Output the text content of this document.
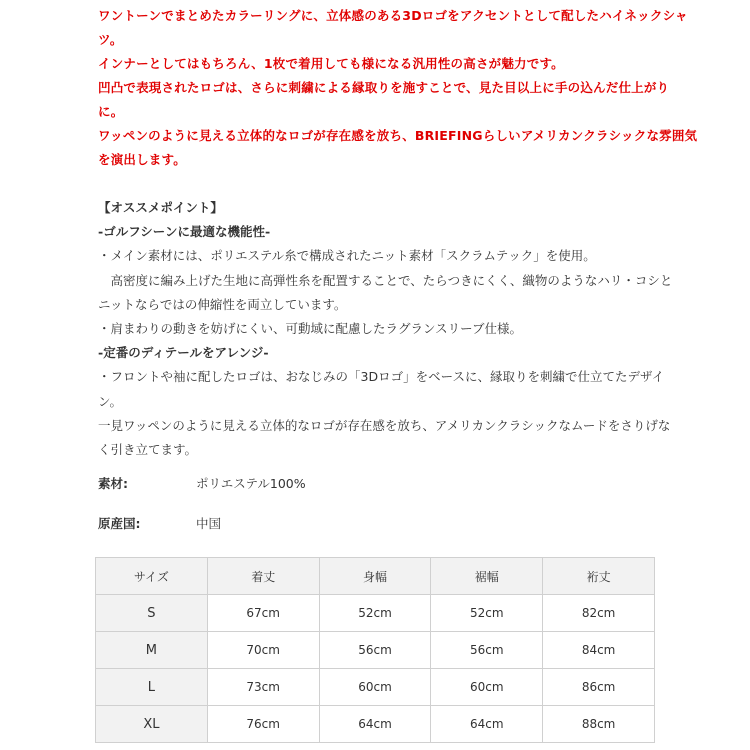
ワントーンでまとめたカラーリングに、立体感のある3Dロゴをアクセントとして配したハイネックシャ
ツ。
インナーとしてはもちろん、1枚で着用しても様になる汎用性の高さが魅力です。
凹凸で表現されたロゴは、さらに刺繍による縁取りを施すことで、見た目以上に手の込んだ仕上がり
に。
ワッペンのように見える立体的なロゴが存在感を放ち、BRIEFINGらしいアメリカンクラシックな雰囲気
を演出します。
【オススメポイント】
-ゴルフシーンに最適な機能性-
・メイン素材には、ポリエステル糸で構成されたニット素材「スクラムテック」を使用。
　高密度に編み上げた生地に高弾性糸を配置することで、たらつきにくく、織物のようなハリ・コシと
ニットならではの伸縮性を両立しています。
・肩まわりの動きを妨げにくい、可動域に配慮したラグランスリーブ仕様。
-定番のディテールをアレンジ-
・フロントや袖に配したロゴは、おなじみの「3Dロゴ」をベースに、縁取りを刺繍で仕立てたデザイ
ン。
一見ワッペンのように見える立体的なロゴが存在感を放ち、アメリカンクラシックなムードをさりげな
く引き立てます。
素材:	ポリエステル100%
原産国:	中国
サイズ	着丈	身幅	裾幅	裄丈
S	67cm	52cm	52cm	82cm
M	70cm	56cm	56cm	84cm
L	73cm	60cm	60cm	86cm
XL	76cm	64cm	64cm	88cm
